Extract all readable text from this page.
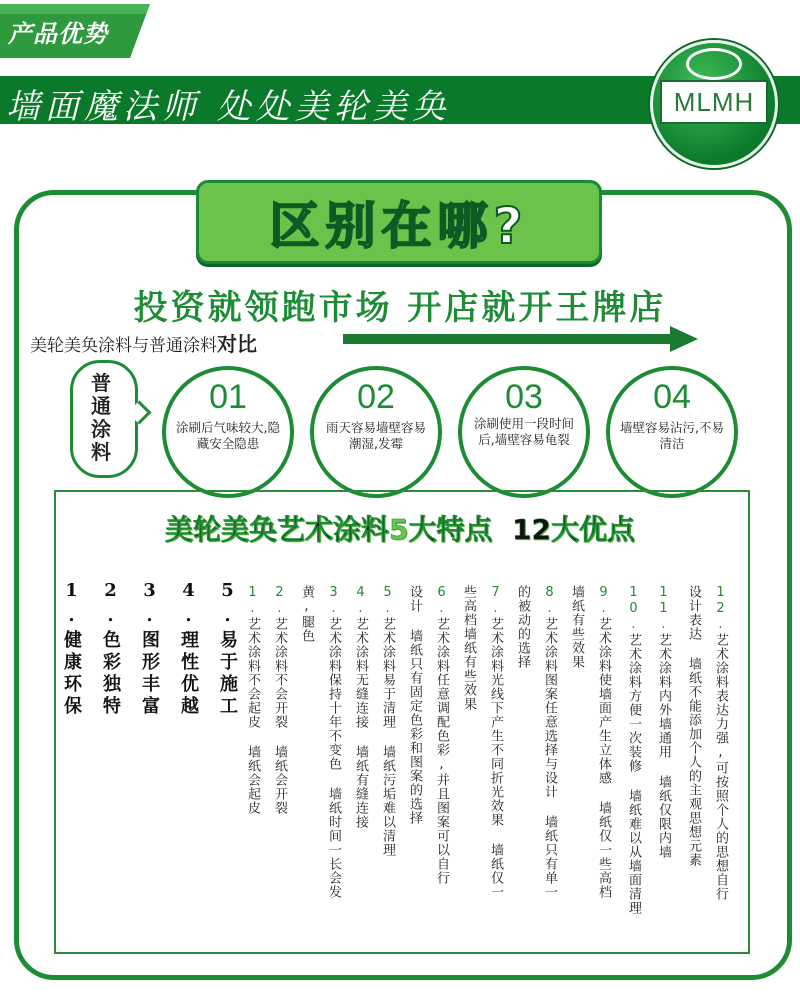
产品优势
墙面魔法师 处处美轮美奂	MLMH
区别在哪?
投资就领跑市场 开店就开王牌店
美轮美奂涂料与普通涂料对比
普通涂料
01
涂刷后气味较大,隐藏安全隐患
02
雨天容易墙壁容易潮湿,发霉
03
涂刷使用一段时间后,墙壁容易龟裂
04
墙壁容易沾污,不易清洁
美轮美奂艺术涂料5大特点 12大优点
1.健康环保 2.色彩独特 3.图形丰富 4.理性优越 5.易于施工 1.艺术涂料不会起皮 墙纸会起皮
2.艺术涂料不会开裂 墙纸会开裂
黄,腿色 3.艺术涂料保持十年不变色 墙纸时间一长会发
4.艺术涂料无缝连接 墙纸有缝连接
5.艺术涂料易于清理 墙纸污垢难以清理 设计 墙纸只有固定色彩和图案的选择 6.艺术涂料任意调配色彩,并且图案可以自行 些高档墙纸有些效果 7.艺术涂料光线下产生不同折光效果 墙纸仅一 的被动的选择 8.艺术涂料图案任意选择与设计 墙纸只有单一 墙纸有些效果 9.艺术涂料使墙面产生立体感 墙纸仅一些高档
10.艺术涂料方便一次装修 墙纸难以从墙面清理
11.艺术涂料内外墙通用 墙纸仅限内墙 设计表达 墙纸不能添加个人的主观思想元素 12.艺术涂料表达力强,可按照个人的思想自行
